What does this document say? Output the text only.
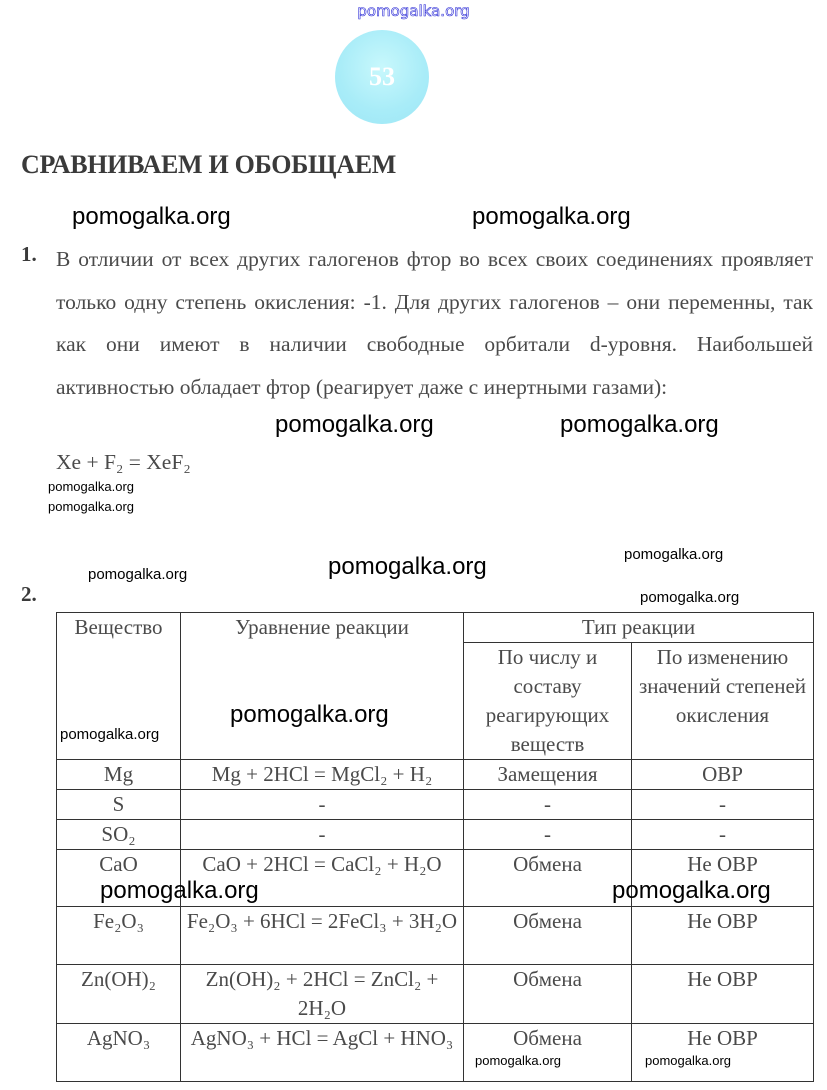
pomogalka.org
53
СРАВНИВАЕМ И ОБОБЩАЕМ
1. В отличии от всех других галогенов фтор во всех своих соединениях проявляет только одну степень окисления: -1. Для других галогенов – они переменны, так как они имеют в наличии свободные орбитали d-уровня. Наибольшей активностью обладает фтор (реагирует даже с инертными газами):
Xe + F₂ = XeF₂
2.
Вещество	Уравнение реакции	Тип реакции	
		По числу и составу реагирующих веществ	По изменению значений степеней окисления
Mg	Mg + 2HCl = MgCl₂ + H₂	Замещения	ОВР
S	-	-	-
SO₂	-	-	-
CaO	CaO + 2HCl = CaCl₂ + H₂O	Обмена	Не ОВР
Fe₂O₃	Fe₂O₃ + 6HCl = 2FeCl₃ + 3H₂O	Обмена	Не ОВР
Zn(OH)₂	Zn(OH)₂ + 2HCl = ZnCl₂ + 2H₂O	Обмена	Не ОВР
AgNO₃	AgNO₃ + HCl = AgCl + HNO₃	Обмена	Не ОВР
pomogalka.org	pomogalka.org
pomogalka.org
pomogalka.org	pomogalka.org
pomogalka.org
pomogalka.org
pomogalka.org	pomogalka.org
pomogalka.org
pomogalka.org
pomogalka.org
pomogalka.org	pomogalka.org
pomogalka.org	pomogalka.org
